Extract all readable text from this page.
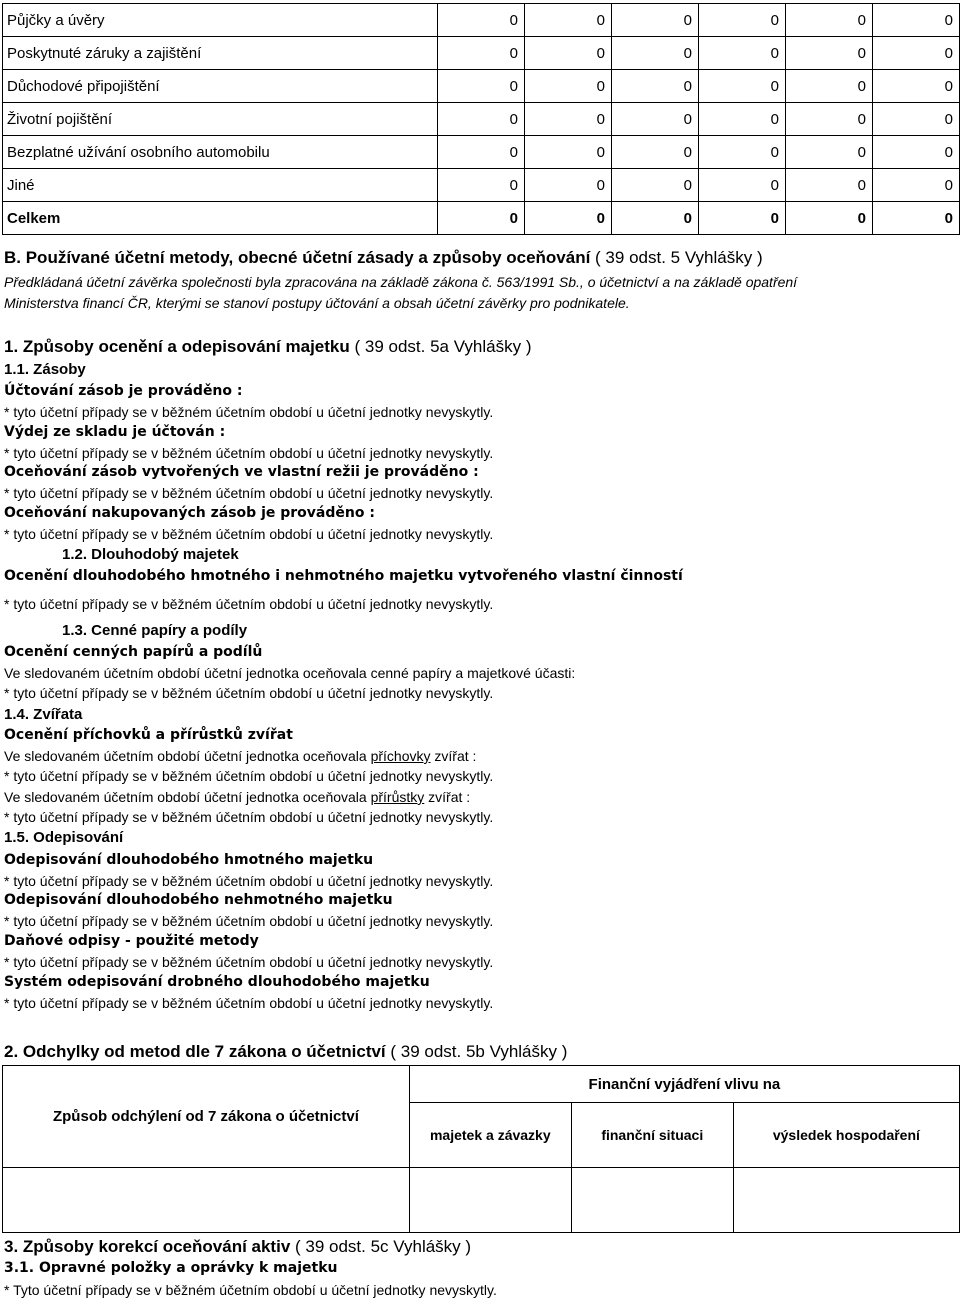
Půjčky a úvěry	0	0	0	0	0	0
Poskytnuté záruky a zajištění	0	0	0	0	0	0
Důchodové připojištění	0	0	0	0	0	0
Životní pojištění	0	0	0	0	0	0
Bezplatné užívání osobního automobilu	0	0	0	0	0	0
Jiné	0	0	0	0	0	0
Celkem	0	0	0	0	0	0
B. Používané účetní metody, obecné účetní zásady a způsoby oceňování ( 39 odst. 5 Vyhlášky )
Předkládaná účetní závěrka společnosti byla zpracována na základě zákona č. 563/1991 Sb., o účetnictví a na základě opatření
Ministerstva financí ČR, kterými se stanoví postupy účtování a obsah účetní závěrky pro podnikatele.
1. Způsoby ocenění a odepisování majetku ( 39 odst. 5a Vyhlášky )
1.1. Zásoby
Účtování zásob je prováděno :
* tyto účetní případy se v běžném účetním období u účetní jednotky nevyskytly.
Výdej ze skladu je účtován :
* tyto účetní případy se v běžném účetním období u účetní jednotky nevyskytly.
Oceňování zásob vytvořených ve vlastní režii je prováděno :
* tyto účetní případy se v běžném účetním období u účetní jednotky nevyskytly.
Oceňování nakupovaných zásob je prováděno :
* tyto účetní případy se v běžném účetním období u účetní jednotky nevyskytly.
1.2. Dlouhodobý majetek
Ocenění dlouhodobého hmotného i nehmotného majetku vytvořeného vlastní činností
* tyto účetní případy se v běžném účetním období u účetní jednotky nevyskytly.
1.3. Cenné papíry a podíly
Ocenění cenných papírů a podílů
Ve sledovaném účetním období účetní jednotka oceňovala cenné papíry a majetkové účasti:
* tyto účetní případy se v běžném účetním období u účetní jednotky nevyskytly.
1.4. Zvířata
Ocenění příchovků a přírůstků zvířat
Ve sledovaném účetním období účetní jednotka oceňovala příchovky zvířat :
* tyto účetní případy se v běžném účetním období u účetní jednotky nevyskytly.
Ve sledovaném účetním období účetní jednotka oceňovala přírůstky zvířat :
* tyto účetní případy se v běžném účetním období u účetní jednotky nevyskytly.
1.5. Odepisování
Odepisování dlouhodobého hmotného majetku
* tyto účetní případy se v běžném účetním období u účetní jednotky nevyskytly.
Odepisování dlouhodobého nehmotného majetku
* tyto účetní případy se v běžném účetním období u účetní jednotky nevyskytly.
Daňové odpisy - použité metody
* tyto účetní případy se v běžném účetním období u účetní jednotky nevyskytly.
Systém odepisování drobného dlouhodobého majetku
* tyto účetní případy se v běžném účetním období u účetní jednotky nevyskytly.
2. Odchylky od metod dle 7 zákona o účetnictví ( 39 odst. 5b Vyhlášky )
Způsob odchýlení od 7 zákona o účetnictví	Finanční vyjádření vlivu na		
	majetek a závazky	finanční situaci	výsledek hospodaření

3. Způsoby korekcí oceňování aktiv ( 39 odst. 5c Vyhlášky )
3.1. Opravné položky a oprávky k majetku
* Tyto účetní případy se v běžném účetním období u účetní jednotky nevyskytly.
